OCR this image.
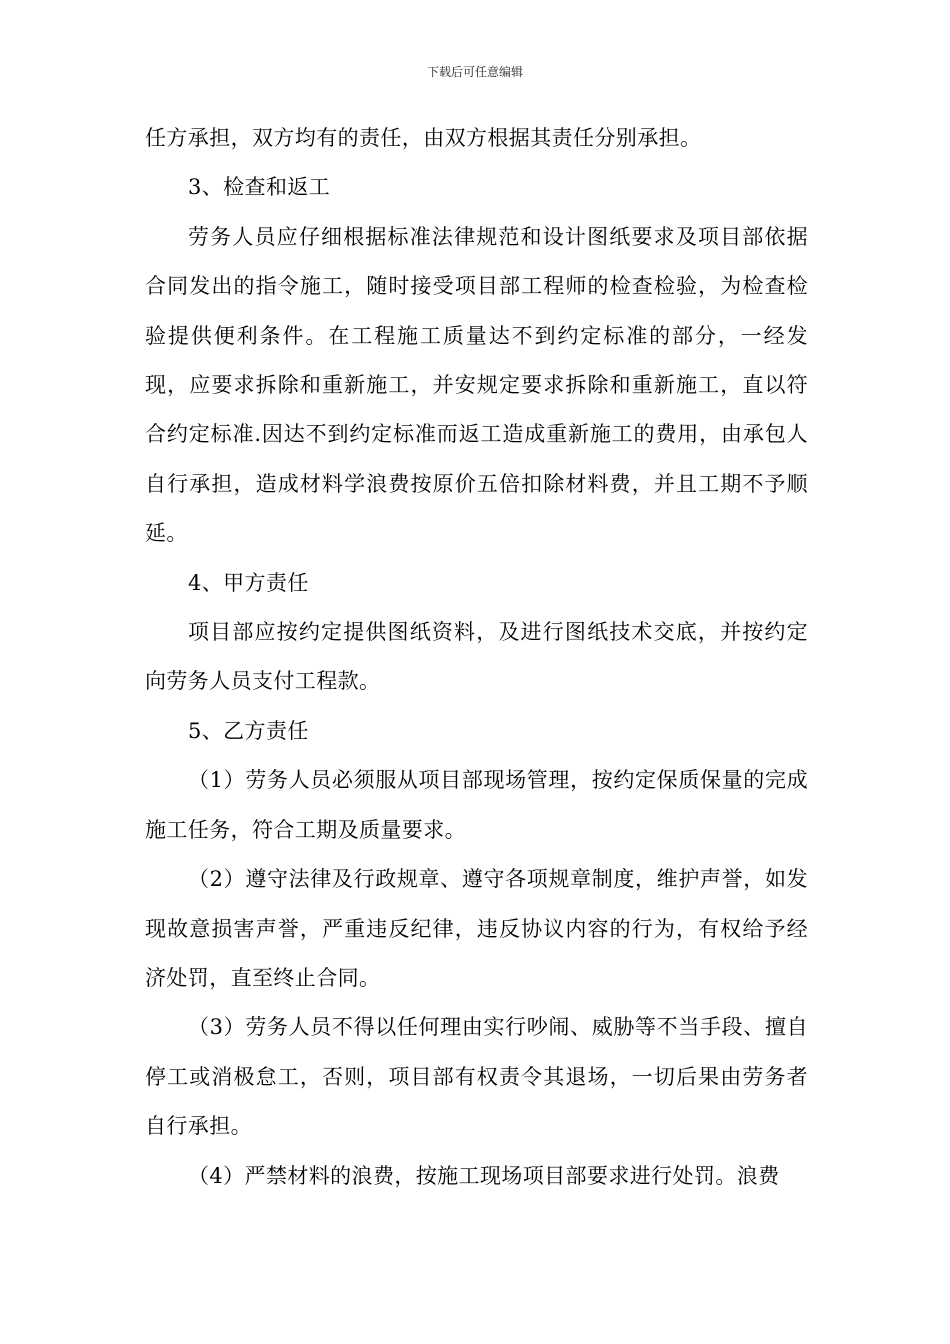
下载后可任意编辑

任方承担，双方均有的责任，由双方根据其责任分别承担。

3、检查和返工

劳务人员应仔细根据标准法律规范和设计图纸要求及项目部依据合同发出的指令施工，随时接受项目部工程师的检查检验，为检查检验提供便利条件。在工程施工质量达不到约定标准的部分，一经发现，应要求拆除和重新施工，并安规定要求拆除和重新施工，直以符合约定标准.因达不到约定标准而返工造成重新施工的费用，由承包人自行承担，造成材料学浪费按原价五倍扣除材料费，并且工期不予顺延。

4、甲方责任

项目部应按约定提供图纸资料，及进行图纸技术交底，并按约定向劳务人员支付工程款。

5、乙方责任

（1）劳务人员必须服从项目部现场管理，按约定保质保量的完成施工任务，符合工期及质量要求。

（2）遵守法律及行政规章、遵守各项规章制度，维护声誉，如发现故意损害声誉，严重违反纪律，违反协议内容的行为，有权给予经济处罚，直至终止合同。

（3）劳务人员不得以任何理由实行吵闹、威胁等不当手段、擅自停工或消极怠工，否则，项目部有权责令其退场，一切后果由劳务者自行承担。

（4）严禁材料的浪费，按施工现场项目部要求进行处罚。浪费
